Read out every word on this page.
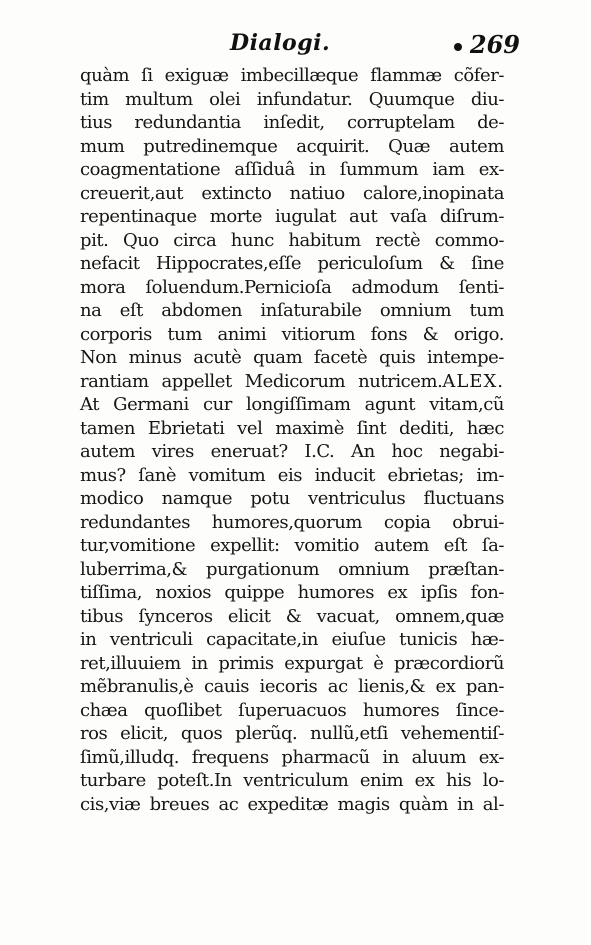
Dialogi.	269
quàm ſi exiguæ imbecillæque flammæ cõfer-
tim multum olei infundatur. Quumque diu-
tius redundantia inſedit, corruptelam de-
mum putredinemque acquirit. Quæ autem
coagmentatione aſſiduâ in ſummum iam ex-
creuerit,aut extincto natiuo calore,inopinata
repentinaque morte iugulat aut vaſa diſrum-
pit. Quo circa hunc habitum rectè commo-
nefacit Hippocrates,eſſe periculoſum & ſine
mora ſoluendum.Pernicioſa admodum ſenti-
na eſt abdomen inſaturabile omnium tum
corporis tum animi vitiorum fons & origo.
Non minus acutè quam facetè quis intempe-
rantiam appellet Medicorum nutricem.ALEX.
At Germani cur longiſſimam agunt vitam,cũ
tamen Ebrietati vel maximè ſint dediti, hæc
autem vires eneruat? I.C. An hoc negabi-
mus? ſanè vomitum eis inducit ebrietas; im-
modico namque potu ventriculus fluctuans
redundantes humores,quorum copia obrui-
tur,vomitione expellit: vomitio autem eſt ſa-
luberrima,& purgationum omnium præſtan-
tiſſima, noxios quippe humores ex ipſis fon-
tibus ſynceros elicit & vacuat, omnem,quæ
in ventriculi capacitate,in eiuſue tunicis hæ-
ret,illuuiem in primis expurgat è præcordiorũ
mẽbranulis,è cauis iecoris ac lienis,& ex pan-
chæa quoſlibet ſuperuacuos humores ſince-
ros elicit, quos plerũq. nullũ,etſi vehementiſ-
ſimũ,illudq. frequens pharmacũ in aluum ex-
turbare poteſt.In ventriculum enim ex his lo-
cis,viæ breues ac expeditæ magis quàm in al-
